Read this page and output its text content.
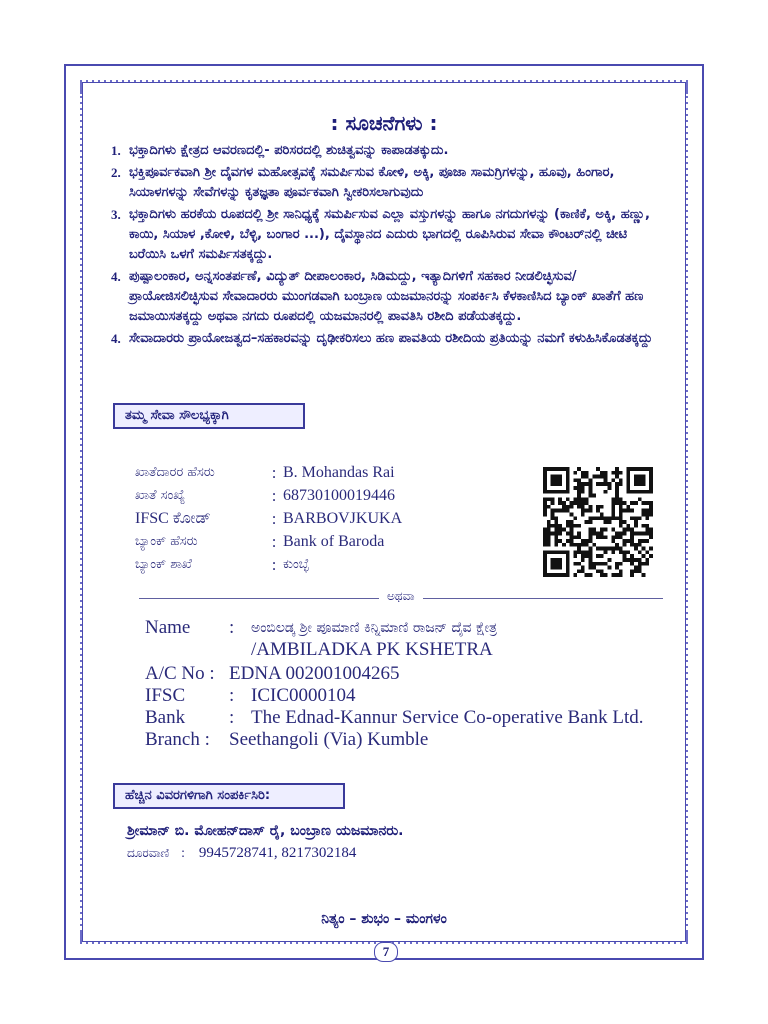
: ಸೂಚನೆಗಳು :
1. ಭಕ್ತಾದಿಗಳು ಕ್ಷೇತ್ರದ ಆವರಣದಲ್ಲಿ- ಪರಿಸರದಲ್ಲಿ ಶುಚಿತ್ವವನ್ನು ಕಾಪಾಡತಕ್ಕುದು.
2. ಭಕ್ತಿಪೂರ್ವಕವಾಗಿ ಶ್ರೀ ದೈವಗಳ ಮಹೋತ್ಸವಕ್ಕೆ ಸಮರ್ಪಿಸುವ ಕೋಳಿ, ಅಕ್ಕಿ, ಪೂಜಾ ಸಾಮಗ್ರಿಗಳನ್ನು, ಹೂವು, ಹಿಂಗಾರ, ಸಿಯಾಳಗಳನ್ನು ಸೇವೆಗಳನ್ನು ಕೃತಜ್ಞತಾ ಪೂರ್ವಕವಾಗಿ ಸ್ವೀಕರಿಸಲಾಗುವುದು
3. ಭಕ್ತಾದಿಗಳು ಹರಕೆಯ ರೂಪದಲ್ಲಿ ಶ್ರೀ ಸಾನಿಧ್ಯಕ್ಕೆ ಸಮರ್ಪಿಸುವ ಎಲ್ಲಾ ವಸ್ತುಗಳನ್ನು ಹಾಗೂ ನಗದುಗಳನ್ನು (ಕಾಣಿಕೆ, ಅಕ್ಕಿ, ಹಣ್ಣು, ಕಾಯಿ, ಸಿಯಾಳ ,ಕೋಳಿ, ಬೆಳ್ಳಿ, ಬಂಗಾರ ...), ದೈವಸ್ಥಾನದ ಎದುರು ಭಾಗದಲ್ಲಿ ರೂಪಿಸಿರುವ ಸೇವಾ ಕೌಂಟರ್‌ನಲ್ಲಿ ಚೀಟಿ ಬರೆಯಿಸಿ ಒಳಗೆ ಸಮರ್ಪಿಸತಕ್ಕದ್ದು.
4. ಪುಷ್ಪಾಲಂಕಾರ, ಅನ್ನಸಂತರ್ಪಣೆ, ವಿದ್ಯುತ್ ದೀಪಾಲಂಕಾರ, ಸಿಡಿಮದ್ದು, ಇತ್ಯಾದಿಗಳಿಗೆ ಸಹಕಾರ ನೀಡಲಿಚ್ಛಿಸುವ/ಪ್ರಾಯೋಜಿಸಲಿಚ್ಛಿಸುವ ಸೇವಾದಾರರು ಮುಂಗಡವಾಗಿ ಬಂಬ್ರಾಣ ಯಜಮಾನರನ್ನು ಸಂಪರ್ಕಿಸಿ ಕೆಳಕಾಣಿಸಿದ ಬ್ಯಾಂಕ್ ಖಾತೆಗೆ ಹಣ ಜಮಾಯಿಸತಕ್ಕದ್ದು ಅಥವಾ ನಗದು ರೂಪದಲ್ಲಿ ಯಜಮಾನರಲ್ಲಿ ಪಾವತಿಸಿ ರಶೀದಿ ಪಡೆಯತಕ್ಕದ್ದು.
4. ಸೇವಾದಾರರು ಪ್ರಾಯೋಜತ್ವದ–ಸಹಕಾರವನ್ನು ದೃಢೀಕರಿಸಲು ಹಣ ಪಾವತಿಯ ರಶೀದಿಯ ಪ್ರತಿಯನ್ನು ನಮಗೆ ಕಳುಹಿಸಿಕೊಡತಕ್ಕದ್ದು
ತಮ್ಮ ಸೇವಾ ಸೌಲಭ್ಯಕ್ಕಾಗಿ
ಖಾತೆದಾರರ ಹೆಸರು	: B. Mohandas Rai
ಖಾತೆ ಸಂಖ್ಯೆ	: 68730100019446
IFSC ಕೋಡ್	: BARBOVJKUKA
ಬ್ಯಾಂಕ್ ಹೆಸರು	: Bank of Baroda
ಬ್ಯಾಂಕ್ ಶಾಖೆ	: ಕುಂಬ್ಳೆ
ಅಥವಾ
Name	:	ಅಂಬಿಲಡ್ಕ ಶ್ರೀ ಪೂಮಾಣಿ ಕಿನ್ನಿಮಾಣಿ ರಾಜನ್ ದೈವ ಕ್ಷೇತ್ರ
/AMBILADKA PK KSHETRA
A/C No : EDNA 002001004265
IFSC	: ICIC0000104
Bank	: The Ednad-Kannur Service Co-operative Bank Ltd.
Branch :	Seethangoli (Via) Kumble
ಹೆಚ್ಚಿನ ವಿವರಗಳಿಗಾಗಿ ಸಂಪರ್ಕಿಸಿರಿ:
ಶ್ರೀಮಾನ್ ಬಿ. ಮೋಹನ್‌ದಾಸ್ ರೈ, ಬಂಬ್ರಾಣ ಯಜಮಾನರು.
ದೂರವಾಣಿ : 9945728741, 8217302184
ನಿತ್ಯಂ – ಶುಭಂ – ಮಂಗಳಂ
7
